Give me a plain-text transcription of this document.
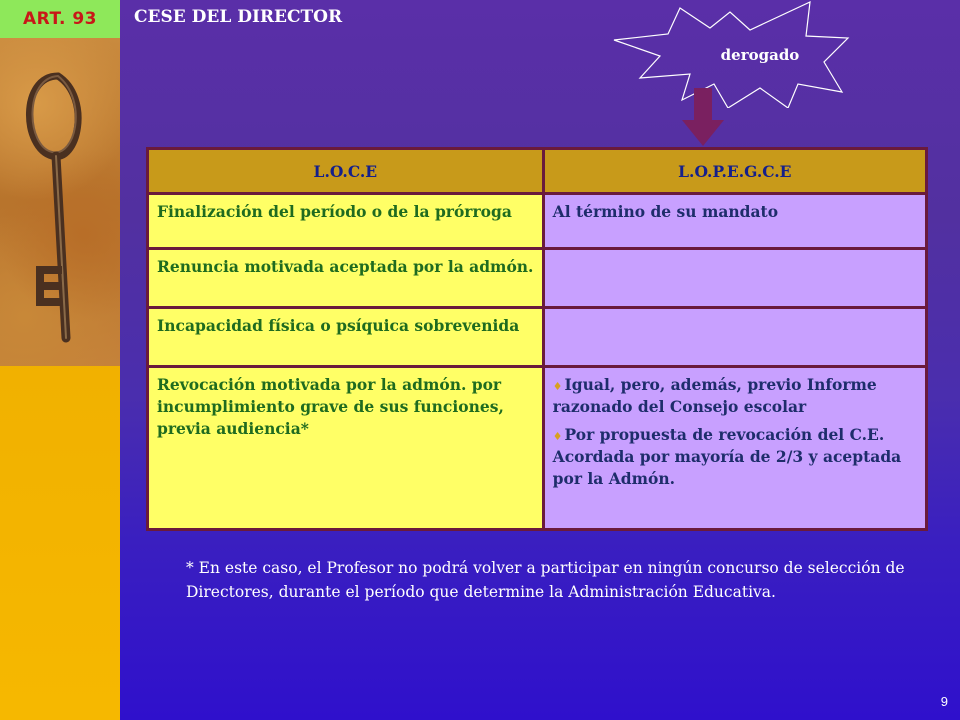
ART. 93	CESE DEL DIRECTOR
derogado
L.O.C.E	L.O.P.E.G.C.E
Finalización del período o de la prórroga	Al término de su mandato

Renuncia motivada aceptada por la admón.	
Incapacidad física o psíquica sobrevenida	
Revocación motivada por la admón. por incumplimiento grave de sus funciones, previa audiencia*	♦ Igual, pero, además, previo Informe razonado del Consejo escolar

♦ Por propuesta de revocación del C.E. Acordada por mayoría de 2/3 y aceptada por la Admón.

* En este caso, el Profesor no podrá volver a participar en ningún concurso de selección de Directores, durante el período que determine la Administración Educativa.
9
